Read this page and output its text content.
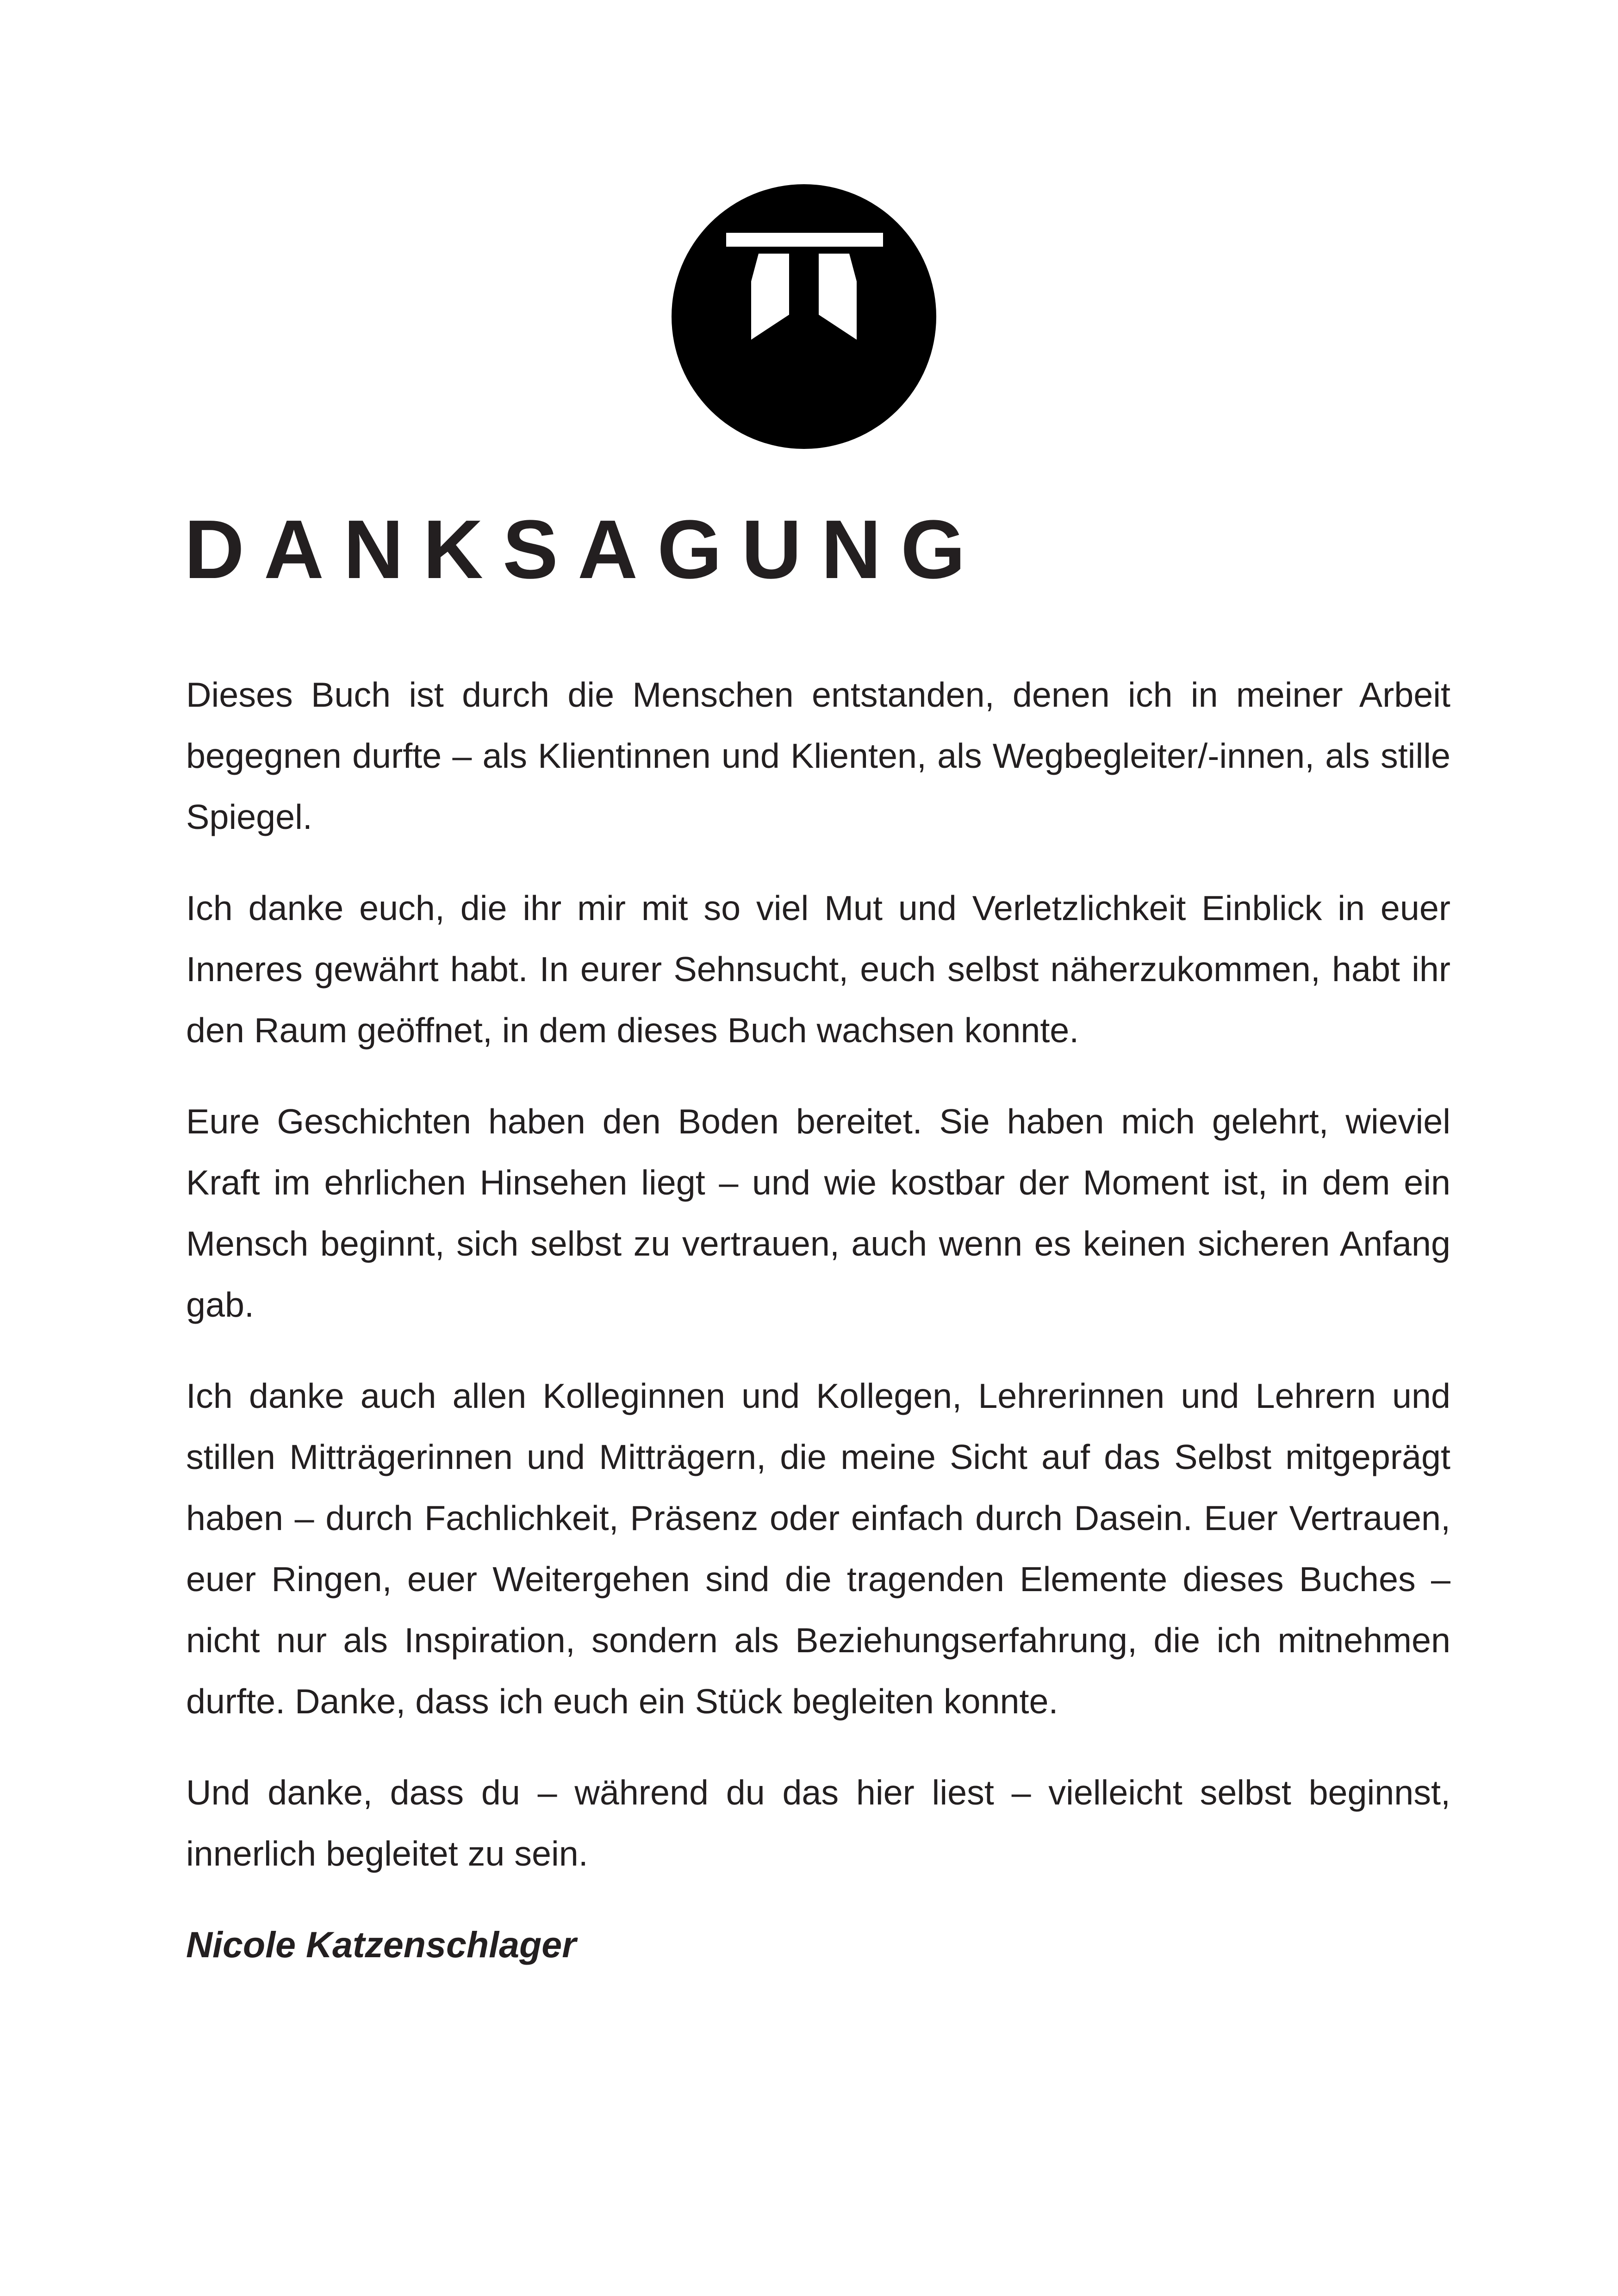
DANKSAGUNG

Dieses Buch ist durch die Menschen entstanden, denen ich in meiner Arbeit begegnen durfte – als Klientinnen und Klienten, als Wegbegleiter/-innen, als stille Spiegel.

Ich danke euch, die ihr mir mit so viel Mut und Verletzlichkeit Einblick in euer Inneres gewährt habt. In eurer Sehnsucht, euch selbst näherzukommen, habt ihr den Raum geöffnet, in dem dieses Buch wachsen konnte.

Eure Geschichten haben den Boden bereitet. Sie haben mich gelehrt, wieviel Kraft im ehrlichen Hinsehen liegt – und wie kostbar der Moment ist, in dem ein Mensch beginnt, sich selbst zu vertrauen, auch wenn es keinen sicheren Anfang gab.

Ich danke auch allen Kolleginnen und Kollegen, Lehrerinnen und Lehrern und stillen Mitträgerinnen und Mitträgern, die meine Sicht auf das Selbst mitgeprägt haben – durch Fachlichkeit, Präsenz oder einfach durch Dasein. Euer Vertrauen, euer Ringen, euer Weitergehen sind die tragenden Elemente dieses Buches – nicht nur als Inspiration, sondern als Beziehungserfahrung, die ich mitnehmen durfte. Danke, dass ich euch ein Stück begleiten konnte.

Und danke, dass du – während du das hier liest – vielleicht selbst beginnst, innerlich begleitet zu sein.

Nicole Katzenschlager
